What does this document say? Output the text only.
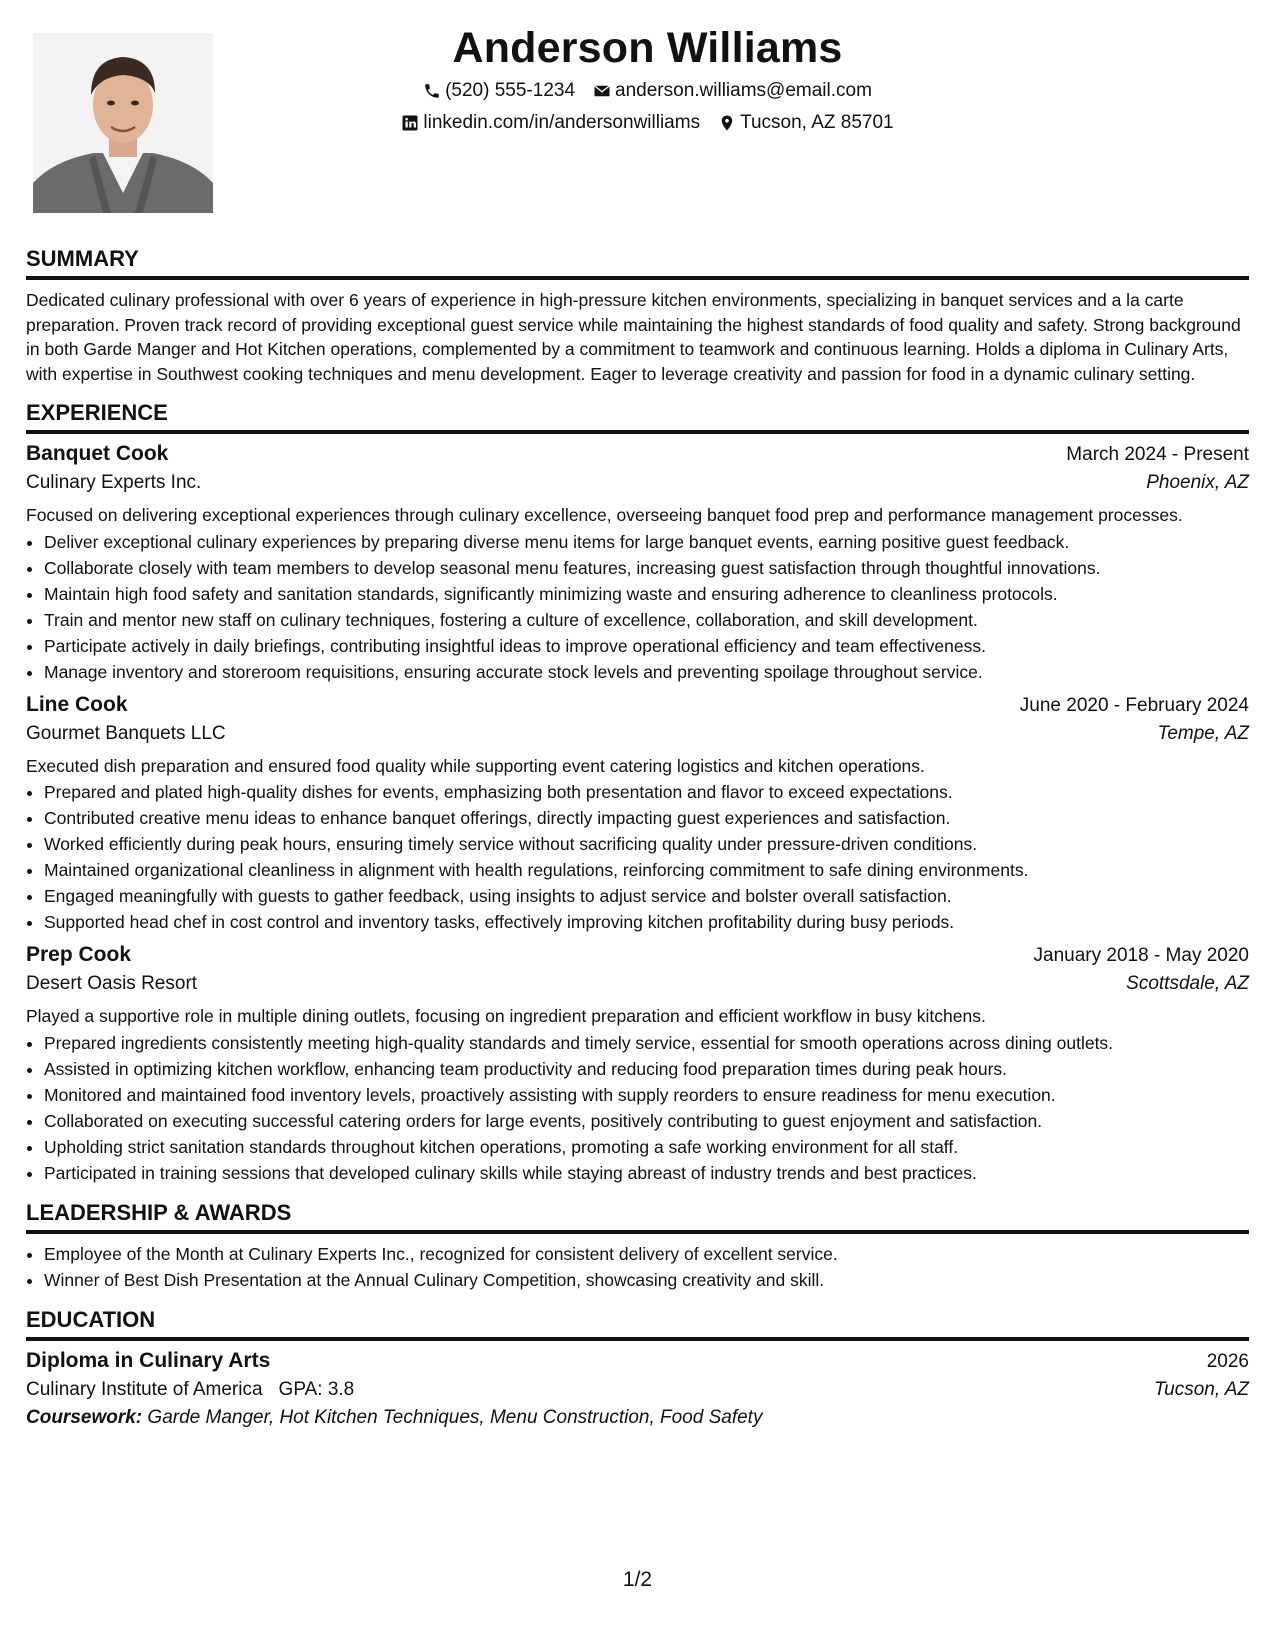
Anderson Williams
(520) 555-1234 anderson.williams@email.com
linkedin.com/in/andersonwilliams Tucson, AZ 85701
SUMMARY

Dedicated culinary professional with over 6 years of experience in high-pressure kitchen environments, specializing in banquet services and a la carte preparation. Proven track record of providing exceptional guest service while maintaining the highest standards of food quality and safety. Strong background in both Garde Manger and Hot Kitchen operations, complemented by a commitment to teamwork and continuous learning. Holds a diploma in Culinary Arts, with expertise in Southwest cooking techniques and menu development. Eager to leverage creativity and passion for food in a dynamic culinary setting.

EXPERIENCE
Banquet Cook	March 2024 - Present
Culinary Experts Inc.	Phoenix, AZ
Focused on delivering exceptional experiences through culinary excellence, overseeing banquet food prep and performance management processes.
• Deliver exceptional culinary experiences by preparing diverse menu items for large banquet events, earning positive guest feedback.
• Collaborate closely with team members to develop seasonal menu features, increasing guest satisfaction through thoughtful innovations.
• Maintain high food safety and sanitation standards, significantly minimizing waste and ensuring adherence to cleanliness protocols.
• Train and mentor new staff on culinary techniques, fostering a culture of excellence, collaboration, and skill development.
• Participate actively in daily briefings, contributing insightful ideas to improve operational efficiency and team effectiveness.
• Manage inventory and storeroom requisitions, ensuring accurate stock levels and preventing spoilage throughout service.
Line Cook	June 2020 - February 2024
Gourmet Banquets LLC	Tempe, AZ
Executed dish preparation and ensured food quality while supporting event catering logistics and kitchen operations.
• Prepared and plated high-quality dishes for events, emphasizing both presentation and flavor to exceed expectations.
• Contributed creative menu ideas to enhance banquet offerings, directly impacting guest experiences and satisfaction.
• Worked efficiently during peak hours, ensuring timely service without sacrificing quality under pressure-driven conditions.
• Maintained organizational cleanliness in alignment with health regulations, reinforcing commitment to safe dining environments.
• Engaged meaningfully with guests to gather feedback, using insights to adjust service and bolster overall satisfaction.
• Supported head chef in cost control and inventory tasks, effectively improving kitchen profitability during busy periods.
Prep Cook	January 2018 - May 2020
Desert Oasis Resort	Scottsdale, AZ
Played a supportive role in multiple dining outlets, focusing on ingredient preparation and efficient workflow in busy kitchens.
• Prepared ingredients consistently meeting high-quality standards and timely service, essential for smooth operations across dining outlets.
• Assisted in optimizing kitchen workflow, enhancing team productivity and reducing food preparation times during peak hours.
• Monitored and maintained food inventory levels, proactively assisting with supply reorders to ensure readiness for menu execution.
• Collaborated on executing successful catering orders for large events, positively contributing to guest enjoyment and satisfaction.
• Upholding strict sanitation standards throughout kitchen operations, promoting a safe working environment for all staff.
• Participated in training sessions that developed culinary skills while staying abreast of industry trends and best practices.
LEADERSHIP & AWARDS
• Employee of the Month at Culinary Experts Inc., recognized for consistent delivery of excellent service.
• Winner of Best Dish Presentation at the Annual Culinary Competition, showcasing creativity and skill.
EDUCATION
Diploma in Culinary Arts	2026
Culinary Institute of America GPA: 3.8	Tucson, AZ
Coursework: Garde Manger, Hot Kitchen Techniques, Menu Construction, Food Safety
1/2
